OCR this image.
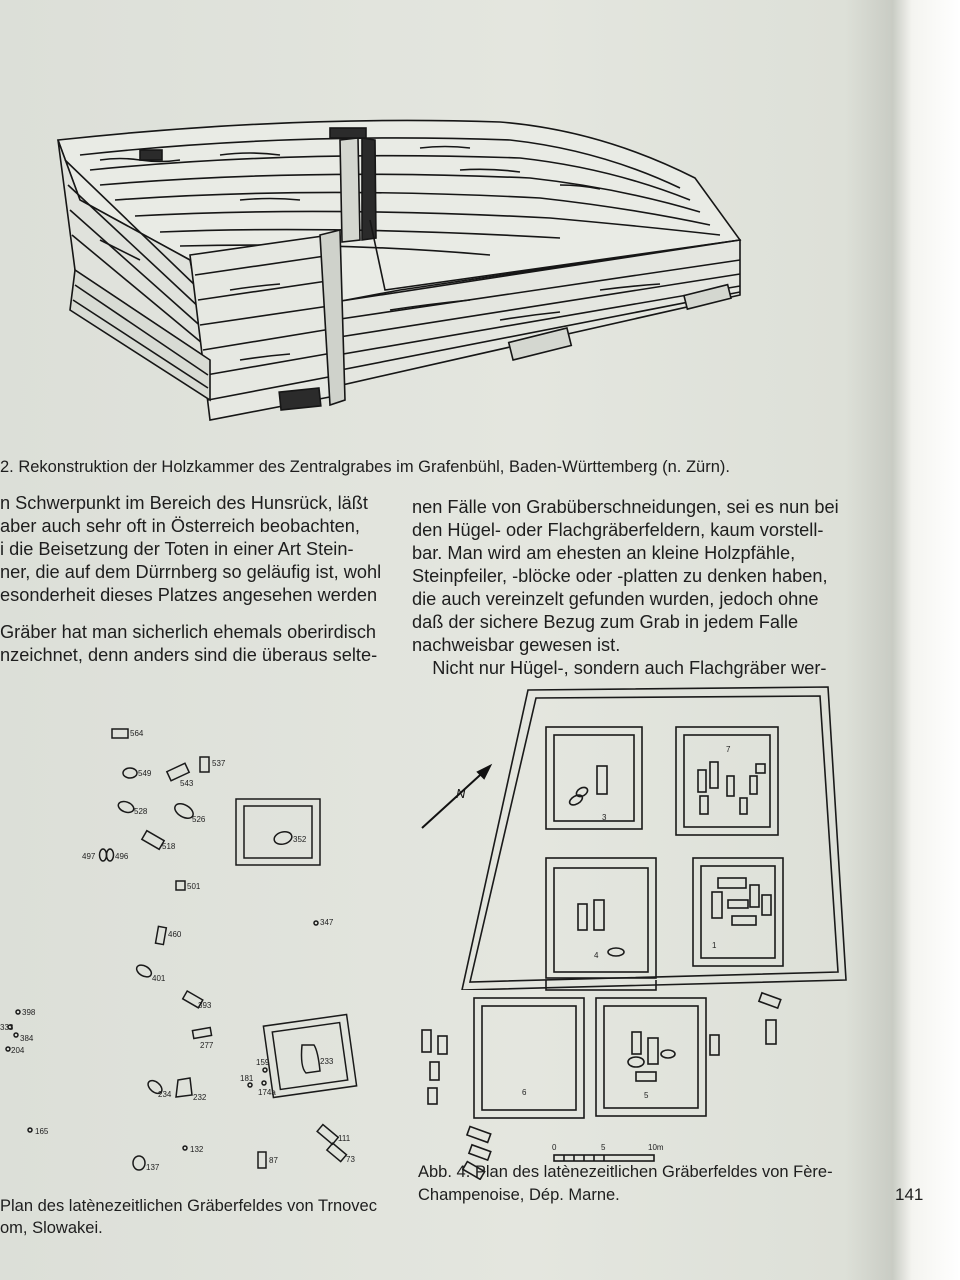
2. Rekonstruktion der Holzkammer des Zentralgrabes im Grafenbühl, Baden-Württemberg (n. Zürn).
n Schwerpunkt im Bereich des Hunsrück, läßt
aber auch sehr oft in Österreich beobachten,
i die Beisetzung der Toten in einer Art Stein-
ner, die auf dem Dürrnberg so geläufig ist, wohl
esonderheit dieses Platzes angesehen werden
Gräber hat man sicherlich ehemals oberirdisch
nzeichnet, denn anders sind die überaus selte-
nen Fälle von Grabüberschneidungen, sei es nun bei
den Hügel- oder Flachgräberfeldern, kaum vorstell-
bar. Man wird am ehesten an kleine Holzpfähle,
Steinpfeiler, -blöcke oder -platten zu denken haben,
die auch vereinzelt gefunden wurden, jedoch ohne
daß der sichere Bezug zum Grab in jedem Falle
nachweisbar gewesen ist.
Nicht nur Hügel-, sondern auch Flachgräber wer-
564
549
543
537
528
526
518
497 496
501
460
347
401
352
393
398
333
384
204
277
233
159
181
174a
234	232
165
132
137
87
111
73
Plan des latènezeitlichen Gräberfeldes von Trnovec
om, Slowakei.
3
7
1
N
6	5
0	5	10m
4
Abb. 4. Plan des latènezeitlichen Gräberfeldes von Fère-
Champenoise, Dép. Marne.	141
